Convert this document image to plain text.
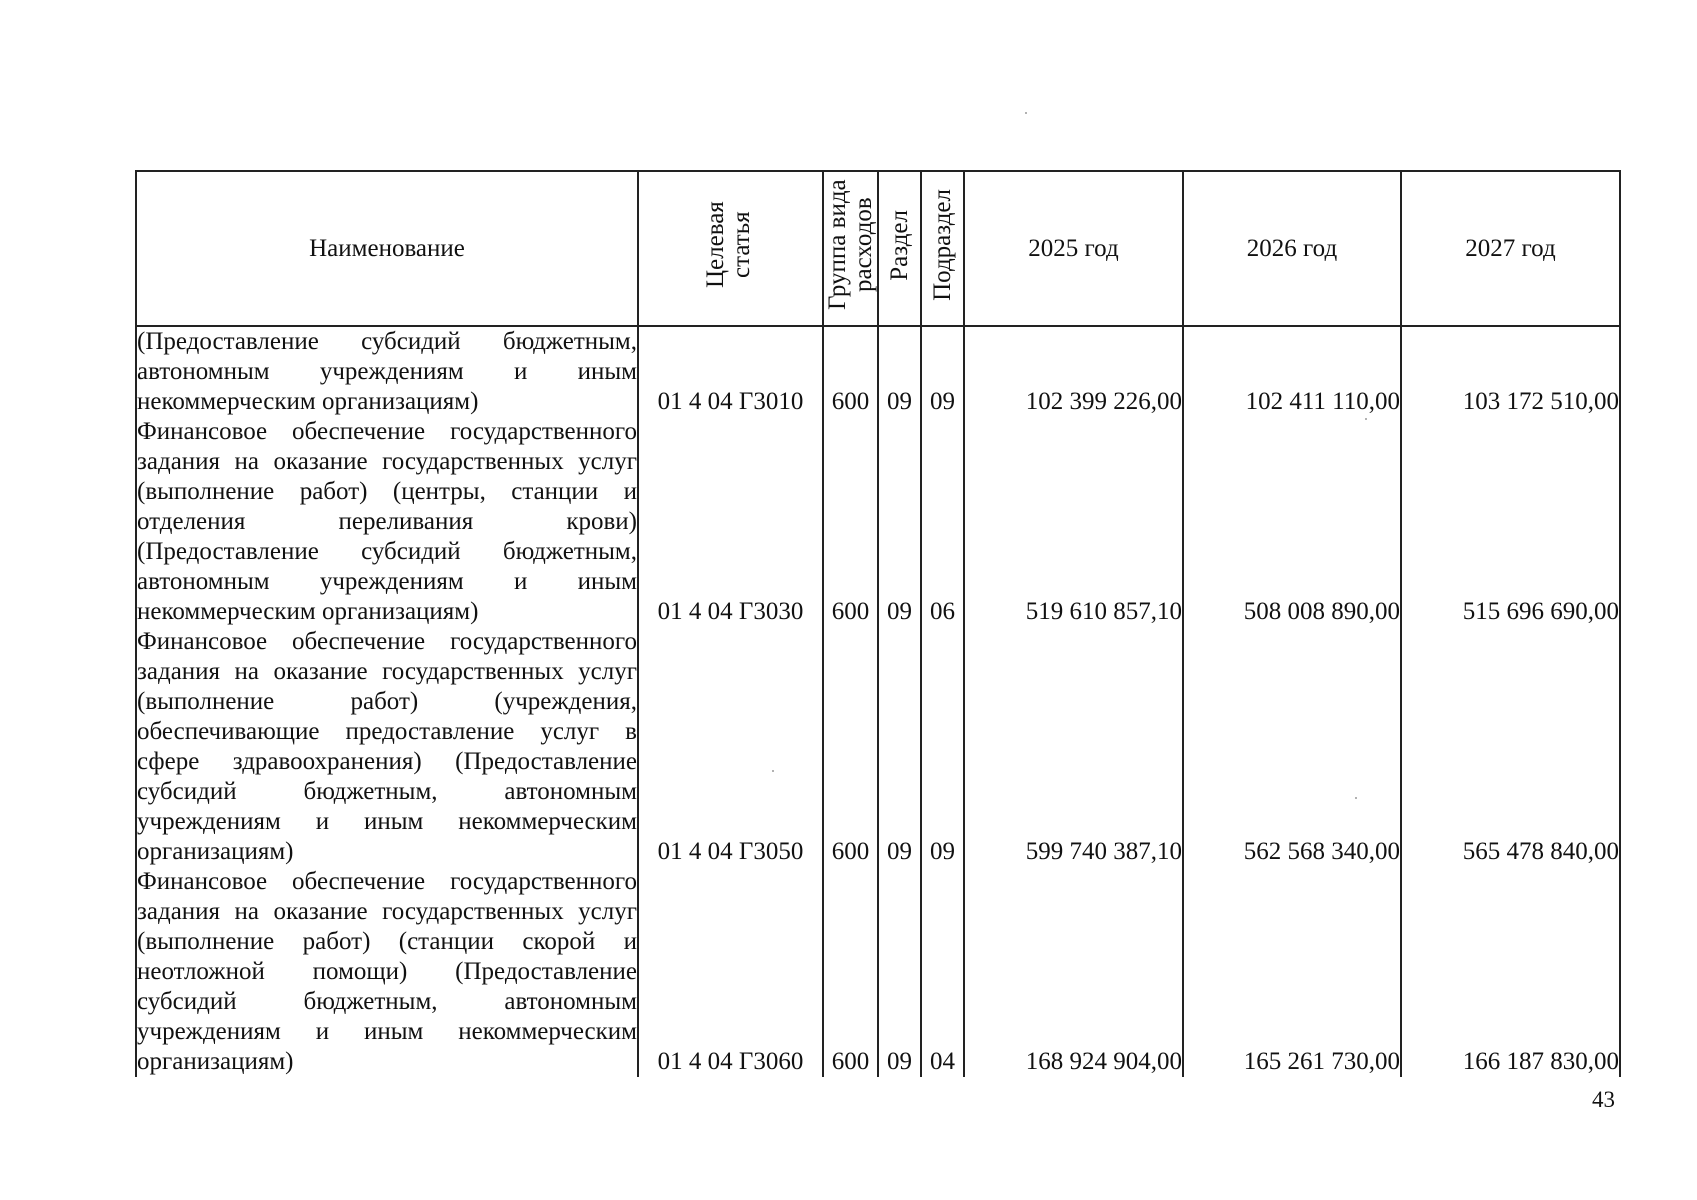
Наименование	Целевая статья	Группа вида расходов	Раздел	Подраздел	2025 год	2026 год	2027 год
(Предоставление субсидий бюджетным, автономным учреждениям и иным некоммерческим организациям)	01 4 04 Г3010	600	09	09	102 399 226,00	102 411 110,00	103 172 510,00
Финансовое обеспечение государственного задания на оказание государственных услуг (выполнение работ) (центры, станции и отделения переливания крови) (Предоставление субсидий бюджетным, автономным учреждениям и иным некоммерческим организациям)	01 4 04 Г3030	600	09	06	519 610 857,10	508 008 890,00	515 696 690,00
Финансовое обеспечение государственного задания на оказание государственных услуг (выполнение работ) (учреждения, обеспечивающие предоставление услуг в сфере здравоохранения) (Предоставление субсидий бюджетным, автономным учреждениям и иным некоммерческим организациям)	01 4 04 Г3050	600	09	09	599 740 387,10	562 568 340,00	565 478 840,00
Финансовое обеспечение государственного задания на оказание государственных услуг (выполнение работ) (станции скорой и неотложной помощи) (Предоставление субсидий бюджетным, автономным учреждениям и иным некоммерческим организациям)	01 4 04 Г3060	600	09	04	168 924 904,00	165 261 730,00	166 187 830,00
43
